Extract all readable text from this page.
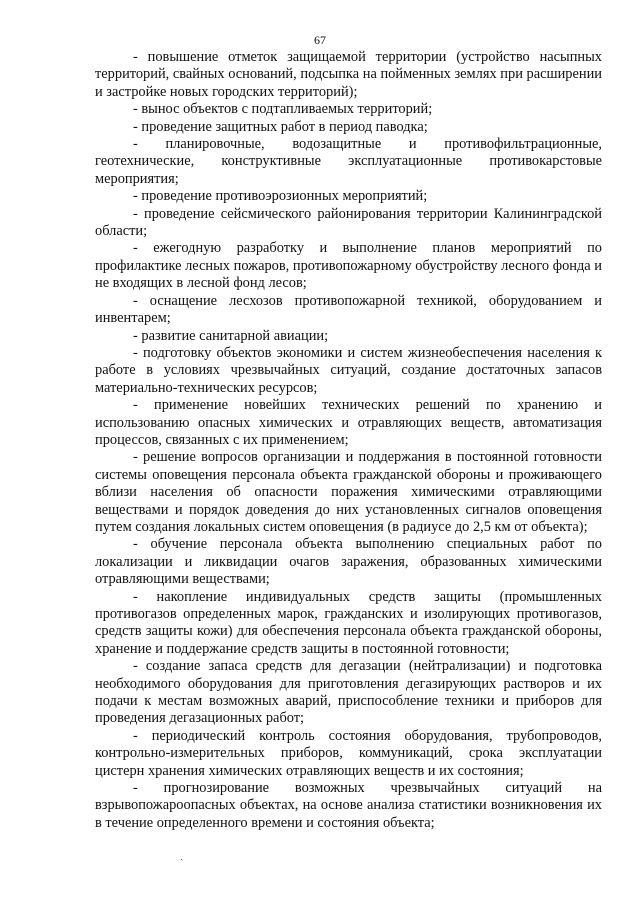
67

- повышение отметок защищаемой территории (устройство насыпных территорий, свайных оснований, подсыпка на пойменных землях при расширении и застройке новых городских территорий);

- вынос объектов с подтапливаемых территорий;

- проведение защитных работ в период паводка;

- планировочные, водозащитные и противофильтрационные, геотехнические, конструктивные эксплуатационные противокарстовые мероприятия;

- проведение противоэрозионных мероприятий;

- проведение сейсмического районирования территории Калининградской области;

- ежегодную разработку и выполнение планов мероприятий по профилактике лесных пожаров, противопожарному обустройству лесного фонда и не входящих в лесной фонд лесов;

- оснащение лесхозов противопожарной техникой, оборудованием и инвентарем;

- развитие санитарной авиации;

- подготовку объектов экономики и систем жизнеобеспечения населения к работе в условиях чрезвычайных ситуаций, создание достаточных запасов материально-технических ресурсов;

- применение новейших технических решений по хранению и использованию опасных химических и отравляющих веществ, автоматизация процессов, связанных с их применением;

- решение вопросов организации и поддержания в постоянной готовности системы оповещения персонала объекта гражданской обороны и проживающего вблизи населения об опасности поражения химическими отравляющими веществами и порядок доведения до них установленных сигналов оповещения путем создания локальных систем оповещения (в радиусе до 2,5 км от объекта);

- обучение персонала объекта выполнению специальных работ по локализации и ликвидации очагов заражения, образованных химическими отравляющими веществами;

- накопление индивидуальных средств защиты (промышленных противогазов определенных марок, гражданских и изолирующих противогазов, средств защиты кожи) для обеспечения персонала объекта гражданской обороны, хранение и поддержание средств защиты в постоянной готовности;

- создание запаса средств для дегазации (нейтрализации) и подготовка необходимого оборудования для приготовления дегазирующих растворов и их подачи к местам возможных аварий, приспособление техники и приборов для проведения дегазационных работ;

- периодический контроль состояния оборудования, трубопроводов, контрольно-измерительных приборов, коммуникаций, срока эксплуатации цистерн хранения химических отравляющих веществ и их состояния;

- прогнозирование возможных чрезвычайных ситуаций на взрывопожароопасных объектах, на основе анализа статистики возникновения их в течение определенного времени и состояния объекта;

ˎ
